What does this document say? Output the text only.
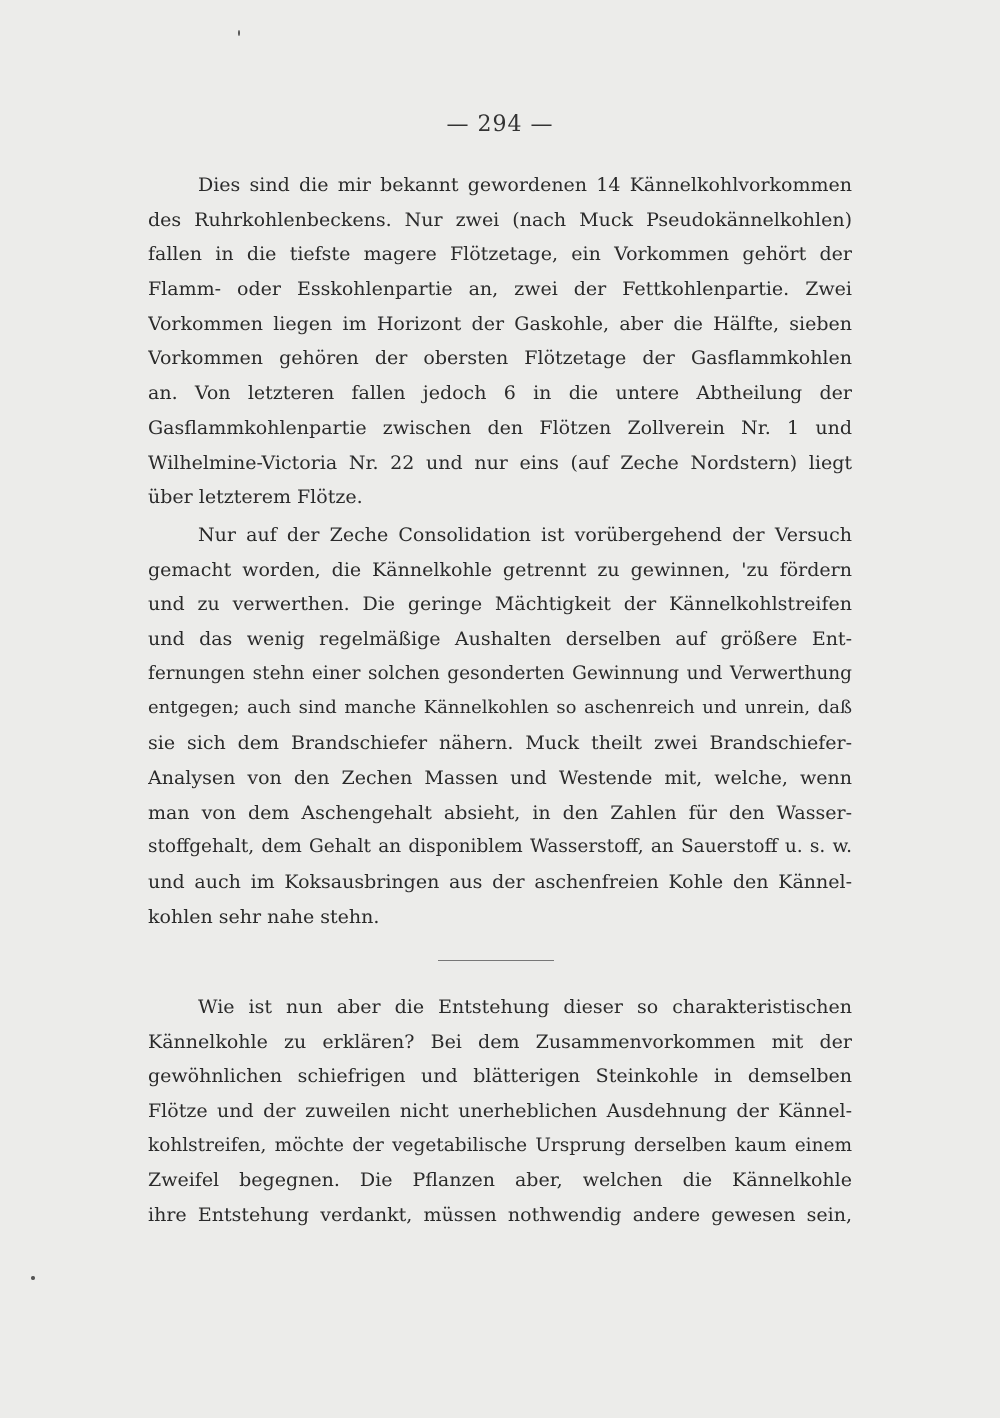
— 294 —
Dies sind die mir bekannt gewordenen 14 Kännelkohlvorkommen
des Ruhrkohlenbeckens. Nur zwei (nach Muck Pseudokännelkohlen)
fallen in die tiefste magere Flötzetage, ein Vorkommen gehört der
Flamm- oder Esskohlenpartie an, zwei der Fettkohlenpartie. Zwei
Vorkommen liegen im Horizont der Gaskohle, aber die Hälfte, sieben
Vorkommen gehören der obersten Flötzetage der Gasflammkohlen
an. Von letzteren fallen jedoch 6 in die untere Abtheilung der
Gasflammkohlenpartie zwischen den Flötzen Zollverein Nr. 1 und
Wilhelmine-Victoria Nr. 22 und nur eins (auf Zeche Nordstern) liegt
über letzterem Flötze.
Nur auf der Zeche Consolidation ist vorübergehend der Versuch
gemacht worden, die Kännelkohle getrennt zu gewinnen, 'zu fördern
und zu verwerthen. Die geringe Mächtigkeit der Kännelkohlstreifen
und das wenig regelmäßige Aushalten derselben auf größere Ent-
fernungen stehn einer solchen gesonderten Gewinnung und Verwerthung
entgegen; auch sind manche Kännelkohlen so aschenreich und unrein, daß
sie sich dem Brandschiefer nähern. Muck theilt zwei Brandschiefer-
Analysen von den Zechen Massen und Westende mit, welche, wenn
man von dem Aschengehalt absieht, in den Zahlen für den Wasser-
stoffgehalt, dem Gehalt an disponiblem Wasserstoff, an Sauerstoff u. s. w.
und auch im Koksausbringen aus der aschenfreien Kohle den Kännel-
kohlen sehr nahe stehn.
Wie ist nun aber die Entstehung dieser so charakteristischen
Kännelkohle zu erklären? Bei dem Zusammenvorkommen mit der
gewöhnlichen schiefrigen und blätterigen Steinkohle in demselben
Flötze und der zuweilen nicht unerheblichen Ausdehnung der Kännel-
kohlstreifen, möchte der vegetabilische Ursprung derselben kaum einem
Zweifel begegnen. Die Pflanzen aber, welchen die Kännelkohle
ihre Entstehung verdankt, müssen nothwendig andere gewesen sein,
